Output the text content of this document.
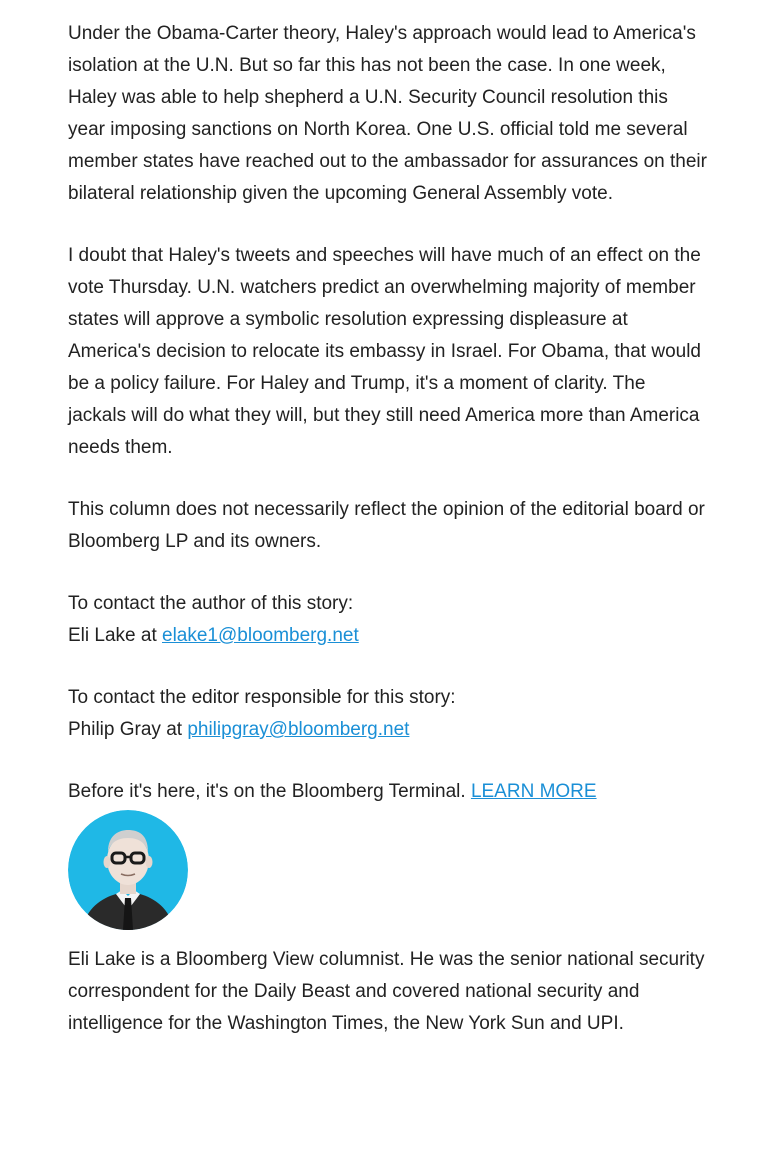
Under the Obama-Carter theory, Haley's approach would lead to America's isolation at the U.N. But so far this has not been the case. In one week, Haley was able to help shepherd a U.N. Security Council resolution this year imposing sanctions on North Korea. One U.S. official told me several member states have reached out to the ambassador for assurances on their bilateral relationship given the upcoming General Assembly vote.

I doubt that Haley's tweets and speeches will have much of an effect on the vote Thursday. U.N. watchers predict an overwhelming majority of member states will approve a symbolic resolution expressing displeasure at America's decision to relocate its embassy in Israel. For Obama, that would be a policy failure. For Haley and Trump, it's a moment of clarity. The jackals will do what they will, but they still need America more than America needs them.

This column does not necessarily reflect the opinion of the editorial board or Bloomberg LP and its owners.

To contact the author of this story:
Eli Lake at elake1@bloomberg.net

To contact the editor responsible for this story:
Philip Gray at philipgray@bloomberg.net

Before it's here, it's on the Bloomberg Terminal. LEARN MORE

Eli Lake is a Bloomberg View columnist. He was the senior national security correspondent for the Daily Beast and covered national security and intelligence for the Washington Times, the New York Sun and UPI.
